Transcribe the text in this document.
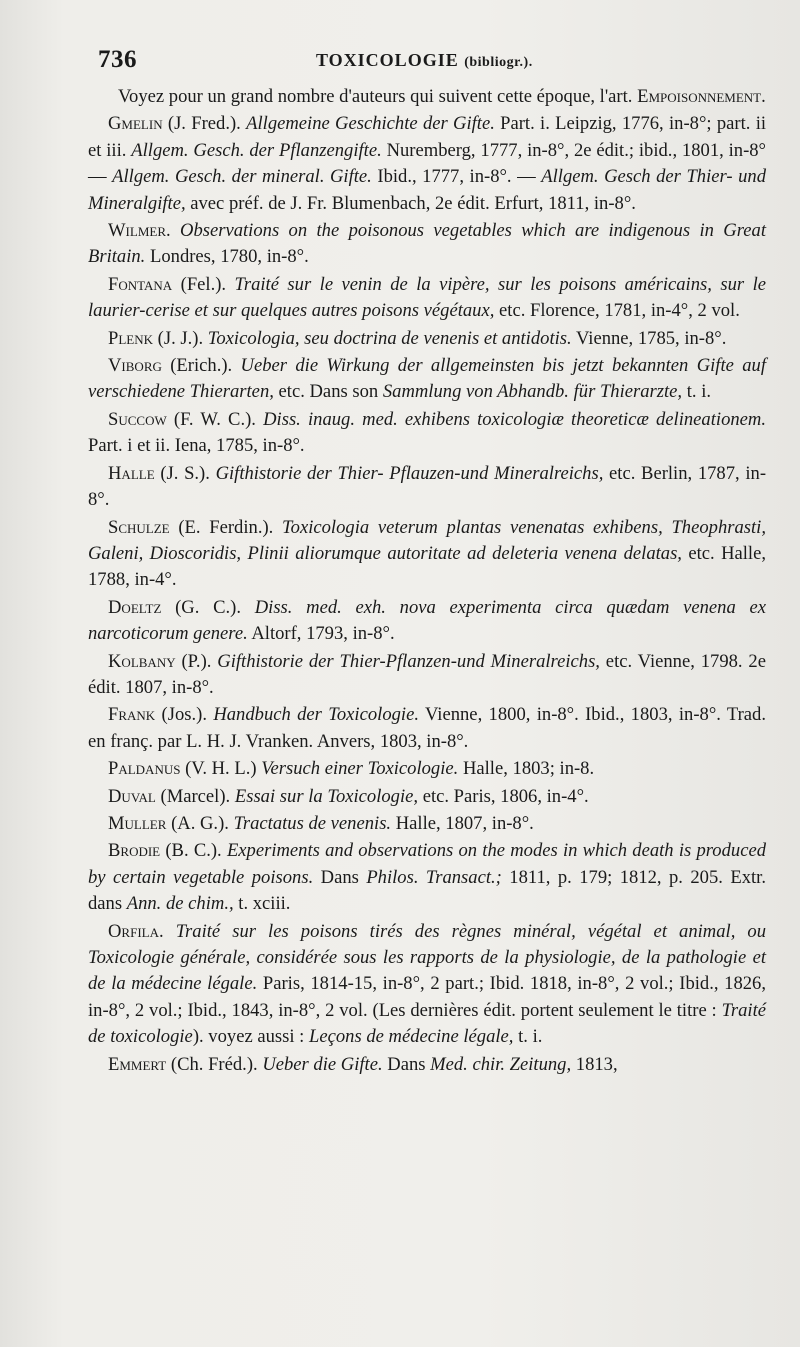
736	TOXICOLOGIE (bibliogr.).

Voyez pour un grand nombre d'auteurs qui suivent cette époque, l'art. Empoisonnement.

Gmelin (J. Fred.). Allgemeine Geschichte der Gifte. Part. i. Leipzig, 1776, in-8°; part. ii et iii. Allgem. Gesch. der Pflanzengifte. Nuremberg, 1777, in-8°, 2e édit.; ibid., 1801, in-8° — Allgem. Gesch. der mineral. Gifte. Ibid., 1777, in-8°. — Allgem. Gesch der Thier- und Mineralgifte, avec préf. de J. Fr. Blumenbach, 2e édit. Erfurt, 1811, in-8°.

Wilmer. Observations on the poisonous vegetables which are indigenous in Great Britain. Londres, 1780, in-8°.

Fontana (Fel.). Traité sur le venin de la vipère, sur les poisons américains, sur le laurier-cerise et sur quelques autres poisons végétaux, etc. Florence, 1781, in-4°, 2 vol.

Plenk (J. J.). Toxicologia, seu doctrina de venenis et antidotis. Vienne, 1785, in-8°.

Viborg (Erich.). Ueber die Wirkung der allgemeinsten bis jetzt bekannten Gifte auf verschiedene Thierarten, etc. Dans son Sammlung von Abhandb. für Thierarzte, t. i.

Succow (F. W. C.). Diss. inaug. med. exhibens toxicologiæ theoreticæ delineationem. Part. i et ii. Iena, 1785, in-8°.

Halle (J. S.). Gifthistorie der Thier- Pflauzen-und Mineralreichs, etc. Berlin, 1787, in-8°.

Schulze (E. Ferdin.). Toxicologia veterum plantas venenatas exhibens, Theophrasti, Galeni, Dioscoridis, Plinii aliorumque autoritate ad deleteria venena delatas, etc. Halle, 1788, in-4°.

Doeltz (G. C.). Diss. med. exh. nova experimenta circa quædam venena ex narcoticorum genere. Altorf, 1793, in-8°.

Kolbany (P.). Gifthistorie der Thier-Pflanzen-und Mineralreichs, etc. Vienne, 1798. 2e édit. 1807, in-8°.

Frank (Jos.). Handbuch der Toxicologie. Vienne, 1800, in-8°. Ibid., 1803, in-8°. Trad. en franç. par L. H. J. Vranken. Anvers, 1803, in-8°.

Paldanus (V. H. L.) Versuch einer Toxicologie. Halle, 1803; in-8.

Duval (Marcel). Essai sur la Toxicologie, etc. Paris, 1806, in-4°.

Muller (A. G.). Tractatus de venenis. Halle, 1807, in-8°.

Brodie (B. C.). Experiments and observations on the modes in which death is produced by certain vegetable poisons. Dans Philos. Transact.; 1811, p. 179; 1812, p. 205. Extr. dans Ann. de chim., t. xciii.

Orfila. Traité sur les poisons tirés des règnes minéral, végétal et animal, ou Toxicologie générale, considérée sous les rapports de la physiologie, de la pathologie et de la médecine légale. Paris, 1814-15, in-8°, 2 part.; Ibid. 1818, in-8°, 2 vol.; Ibid., 1826, in-8°, 2 vol.; Ibid., 1843, in-8°, 2 vol. (Les dernières édit. portent seulement le titre : Traité de toxicologie). voyez aussi : Leçons de médecine légale, t. i.

Emmert (Ch. Fréd.). Ueber die Gifte. Dans Med. chir. Zeitung, 1813,
